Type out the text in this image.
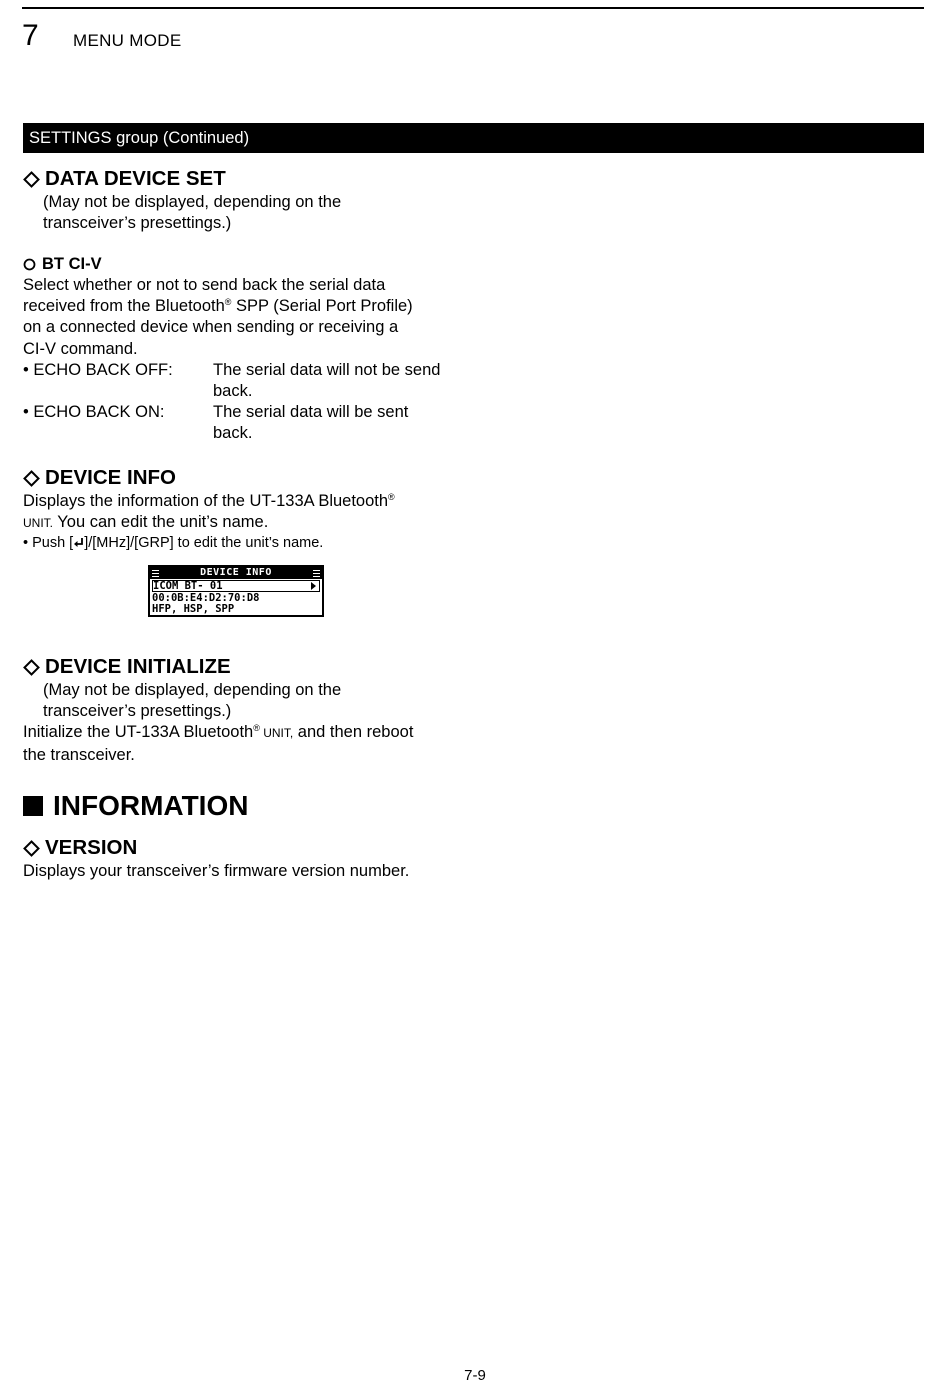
7 MENU MODE
SETTINGS group (Continued)
DATA DEVICE SET
(May not be displayed, depending on the
transceiver’s presettings.)
BT CI-V
Select whether or not to send back the serial data
received from the Bluetooth® SPP (Serial Port Profile)
on a connected device when sending or receiving a
CI-V command.
• ECHO BACK OFF:	The serial data will not be send back.
• ECHO BACK ON:	The serial data will be sent back.
DEVICE INFO
Displays the information of the UT-133A Bluetooth®
UNIT. You can edit the unit’s name.
• Push [ ]/[MHz]/[GRP] to edit the unit’s name.
DEVICE INFO
ICOM BT- 01
00:0B:E4:D2:70:D8
HFP, HSP, SPP
DEVICE INITIALIZE
(May not be displayed, depending on the
transceiver’s presettings.)
Initialize the UT-133A Bluetooth® UNIT, and then reboot
the transceiver.
INFORMATION
VERSION
Displays your transceiver’s firmware version number.
7-9
